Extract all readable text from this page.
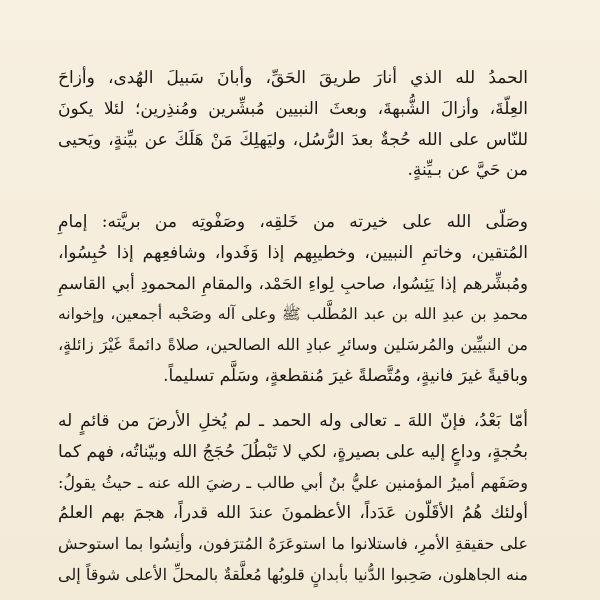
الحمدُ لله الذي أنارَ طريقَ الحَقِّ، وأبانَ سَبيلَ الهُدى، وأزاحَ
العِلّةَ، وأزالَ الشُّبهةَ، وبعثَ النبيين مُبشِّرين ومُنذِرين؛ لئلا يكونَ
للنّاس على الله حُجةٌ بعدَ الرُّسُل، وليَهلِكَ مَنْ هَلَكَ عن بيِّنةٍ، ويَحيى
من حَيَّ عن بـيِّنةٍ.
وصَلّى الله على خيرته من خَلقِه، وصَفْوتِه من بريَّته: إمامِ
المُتقين، وخاتمِ النبيين، وخطيبِهم إذا وَفَدوا، وشافعِهم إذا حُبِسُوا،
ومُبشِّرهم إذا يَئِسُوا، صاحبِ لِواءِ الحَمْد، والمقامِ المحمودِ أبي القاسمِ
محمدِ بن عبدِ الله بن عبد المُطَّلب ﷺ وعلى آله وصَحْبه أجمعين، وإخوانه
من النبيِّين والمُرسَلين وسائرِ عبادِ الله الصالحين، صلاةً دائمةً غَيْرَ زائلةٍ،
وباقيةً غيرَ فانيةٍ، ومُتَّصلةً غيرَ مُنقطعةٍ، وسَلَّم تسليماً.
أمّا بَعْدُ، فإنّ اللهَ ـ تعالى وله الحمد ـ لم يُخلِ الأرضَ من قائمٍ له
بحُجةٍ، وداعٍ إليه على بصيرةٍ، لكي لا تَبْطُلَ حُجَجُ الله وبيّناتُه، فهم كما
وصَفَهم أميرُ المؤمنين عليُّ بنُ أبي طالب ـ رضيَ الله عنه ـ حيثُ يقولُ:
أولئك هُمُ الأقَلّون عَدَداً، الأعظمونَ عندَ الله قدراً، هجمَ بهم العلمُ
على حقيقةِ الأمرِ، فاستلانوا ما استوعَرَهُ المُترَفون، وأنِسُوا بما استوحش
منه الجاهلون، صَحِبوا الدُّنيا بأبدانٍ قلوبُها مُعلَّقةٌ بالمحلِّ الأعلى شوقاً إلى
